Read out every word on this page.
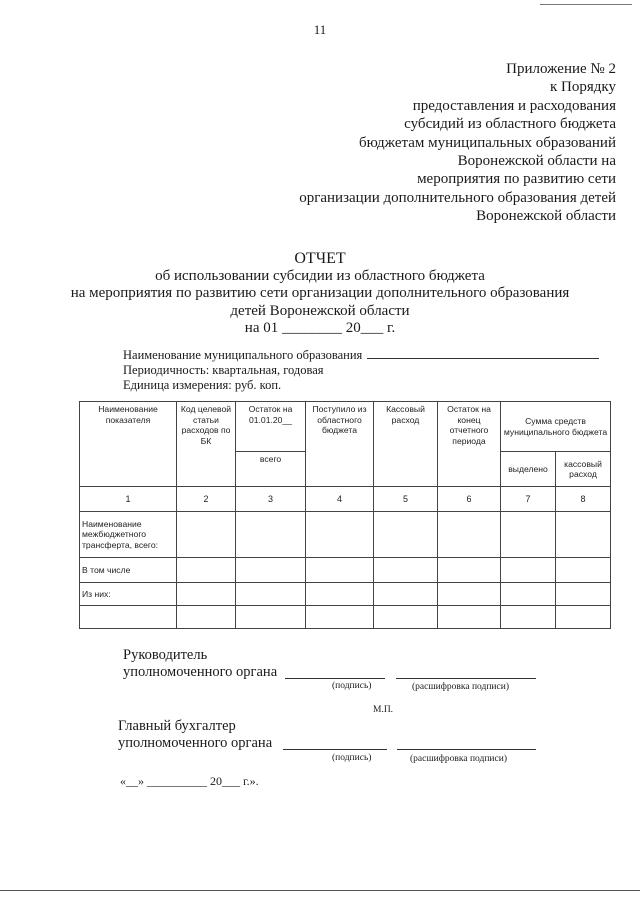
11
Приложение № 2
к Порядку
предоставления и расходования
субсидий из областного бюджета
бюджетам муниципальных образований
Воронежской области на
мероприятия по развитию сети
организации дополнительного образования детей
Воронежской области
ОТЧЕТ
об использовании субсидии из областного бюджета
на мероприятия по развитию сети организации дополнительного образования
детей Воронежской области
на 01 ________ 20___ г.
Наименование муниципального образования
Периодичность: квартальная, годовая
Единица измерения: руб. коп.
Наименование показателя	Код целевой статьи расходов по БК	Остаток на 01.01.20__	Поступило из областного бюджета	Кассовый расход	Остаток на конец отчетного периода	Сумма средств муниципального бюджета	
		всего				выделено	кассовый расход
1	2	3	4	5	6	7	8
Наименование межбюджетного трансферта, всего:							
В том числе							
Из них:							

Руководитель
уполномоченного органа
(подпись)	(расшифровка подписи)
М.П.
Главный бухгалтер
уполномоченного органа
(подпись)	(расшифровка подписи)
«__» __________ 20___ г.».
